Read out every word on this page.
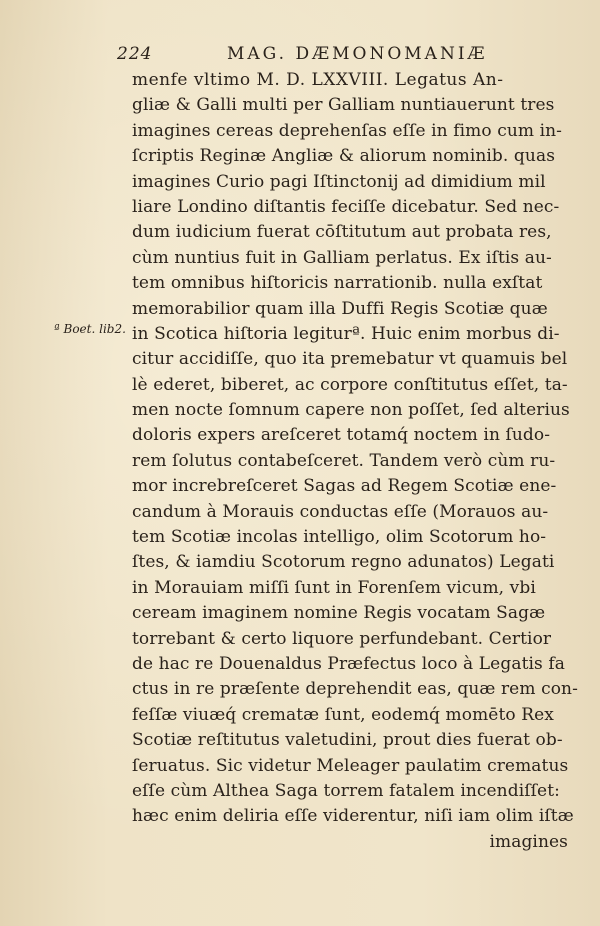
224	MAG. DÆMONOMANIÆ
ª Boet. lib2.
menfe vltimo M. D. LXXVIII. Legatus An-
gliæ & Galli multi per Galliam nuntiauerunt tres
imagines cereas deprehenſas eſſe in fimo cum in-
ſcriptis Reginæ Angliæ & aliorum nominib. quas
imagines Curio pagi Iſtinctonij ad dimidium mil
liare Londino diſtantis feciſſe dicebatur. Sed nec-
dum iudicium fuerat cōſtitutum aut probata res,
cùm nuntius fuit in Galliam perlatus. Ex iſtis au-
tem omnibus hiſtoricis narrationib. nulla exſtat
memorabilior quam illa Duffi Regis Scotiæ quæ
in Scotica hiſtoria legiturª. Huic enim morbus di-
citur accidiſſe, quo ita premebatur vt quamuis bel
lè ederet, biberet, ac corpore conſtitutus eſſet, ta-
men nocte ſomnum capere non poſſet, ſed alterius
doloris expers areſceret totamq́ noctem in ſudo-
rem ſolutus contabeſceret. Tandem verò cùm ru-
mor increbreſceret Sagas ad Regem Scotiæ ene-
candum à Morauis conductas eſſe (Morauos au-
tem Scotiæ incolas intelligo, olim Scotorum ho-
ſtes, & iamdiu Scotorum regno adunatos) Legati
in Morauiam miſſi ſunt in Forenſem vicum, vbi
ceream imaginem nomine Regis vocatam Sagæ
torrebant & certo liquore perfundebant. Certior
de hac re Douenaldus Præfectus loco à Legatis fa
ctus in re præſente deprehendit eas, quæ rem con-
feſſæ viuæq́ crematæ ſunt, eodemq́ momēto Rex
Scotiæ reſtitutus valetudini, prout dies fuerat ob-
ſeruatus. Sic videtur Meleager paulatim crematus
eſſe cùm Althea Saga torrem fatalem incendiſſet:
hæc enim deliria eſſe viderentur, niſi iam olim iſtæ
imagines
